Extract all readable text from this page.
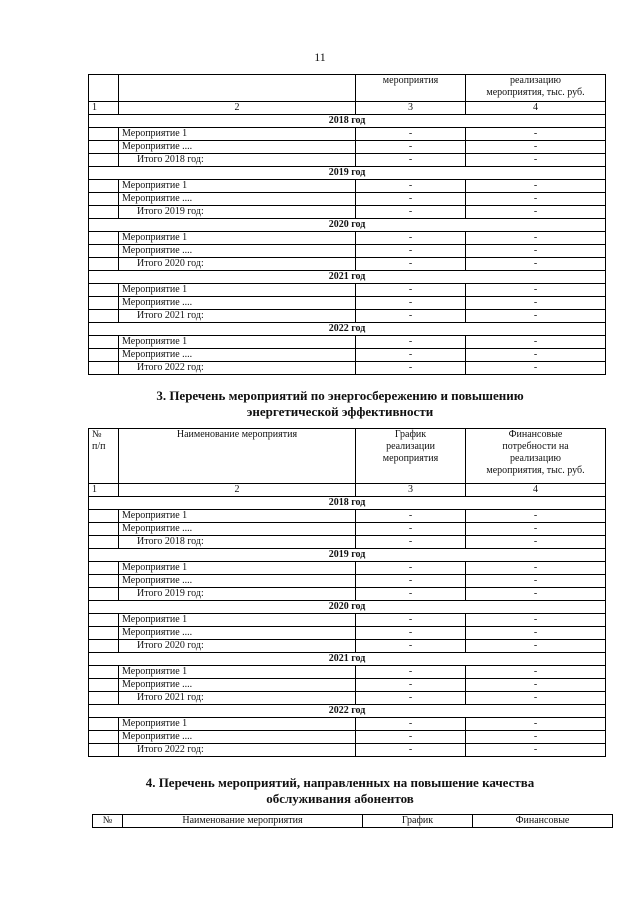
11
		мероприятия	реализацию
мероприятия, тыс. руб.
1	2	3	4
2018 год			
	Мероприятие 1	-	-
	Мероприятие ....	-	-
	Итого 2018 год:	-	-
2019 год			
	Мероприятие 1	-	-
	Мероприятие ....	-	-
	Итого 2019 год:	-	-
2020 год			
	Мероприятие 1	-	-
	Мероприятие ....	-	-
	Итого 2020 год:	-	-
2021 год			
	Мероприятие 1	-	-
	Мероприятие ....	-	-
	Итого 2021 год:	-	-
2022 год			
	Мероприятие 1	-	-
	Мероприятие ....	-	-
	Итого 2022 год:	-	-
3. Перечень мероприятий по энергосбережению и повышению
энергетической эффективности
№
п/п	Наименование мероприятия	График
реализации
мероприятия	Финансовые
потребности на
реализацию
мероприятия, тыс. руб.
1	2	3	4
2018 год			
	Мероприятие 1	-	-
	Мероприятие ....	-	-
	Итого 2018 год:	-	-
2019 год			
	Мероприятие 1	-	-
	Мероприятие ....	-	-
	Итого 2019 год:	-	-
2020 год			
	Мероприятие 1	-	-
	Мероприятие ....	-	-
	Итого 2020 год:	-	-
2021 год			
	Мероприятие 1	-	-
	Мероприятие ....	-	-
	Итого 2021 год:	-	-
2022 год			
	Мероприятие 1	-	-
	Мероприятие ....	-	-
	Итого 2022 год:	-	-
4. Перечень мероприятий, направленных на повышение качества
обслуживания абонентов
№	Наименование мероприятия	График	Финансовые
